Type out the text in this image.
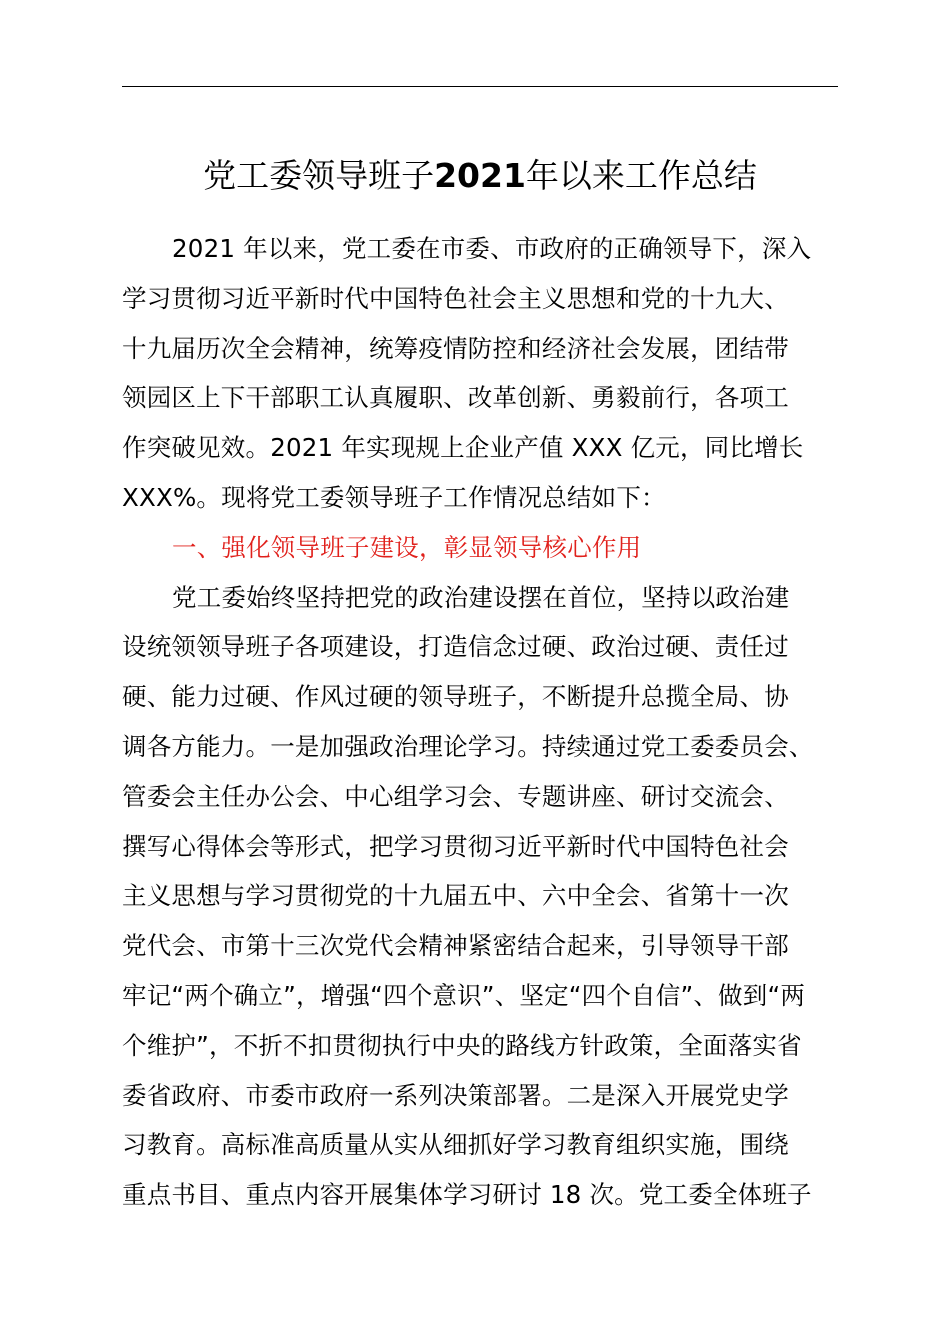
党工委领导班子2021年以来工作总结
2021 年以来，党工委在市委、市政府的正确领导下，深入
学习贯彻习近平新时代中国特色社会主义思想和党的十九大、
十九届历次全会精神，统筹疫情防控和经济社会发展，团结带
领园区上下干部职工认真履职、改革创新、勇毅前行，各项工
作突破见效。2021 年实现规上企业产值 XXX 亿元，同比增长
XXX%。现将党工委领导班子工作情况总结如下：
一、强化领导班子建设，彰显领导核心作用
党工委始终坚持把党的政治建设摆在首位，坚持以政治建
设统领领导班子各项建设，打造信念过硬、政治过硬、责任过
硬、能力过硬、作风过硬的领导班子，不断提升总揽全局、协
调各方能力。一是加强政治理论学习。持续通过党工委委员会、
管委会主任办公会、中心组学习会、专题讲座、研讨交流会、
撰写心得体会等形式，把学习贯彻习近平新时代中国特色社会
主义思想与学习贯彻党的十九届五中、六中全会、省第十一次
党代会、市第十三次党代会精神紧密结合起来，引导领导干部
牢记“两个确立”，增强“四个意识”、坚定“四个自信”、做到“两
个维护”，不折不扣贯彻执行中央的路线方针政策，全面落实省
委省政府、市委市政府一系列决策部署。二是深入开展党史学
习教育。高标准高质量从实从细抓好学习教育组织实施，围绕
重点书目、重点内容开展集体学习研讨 18 次。党工委全体班子
